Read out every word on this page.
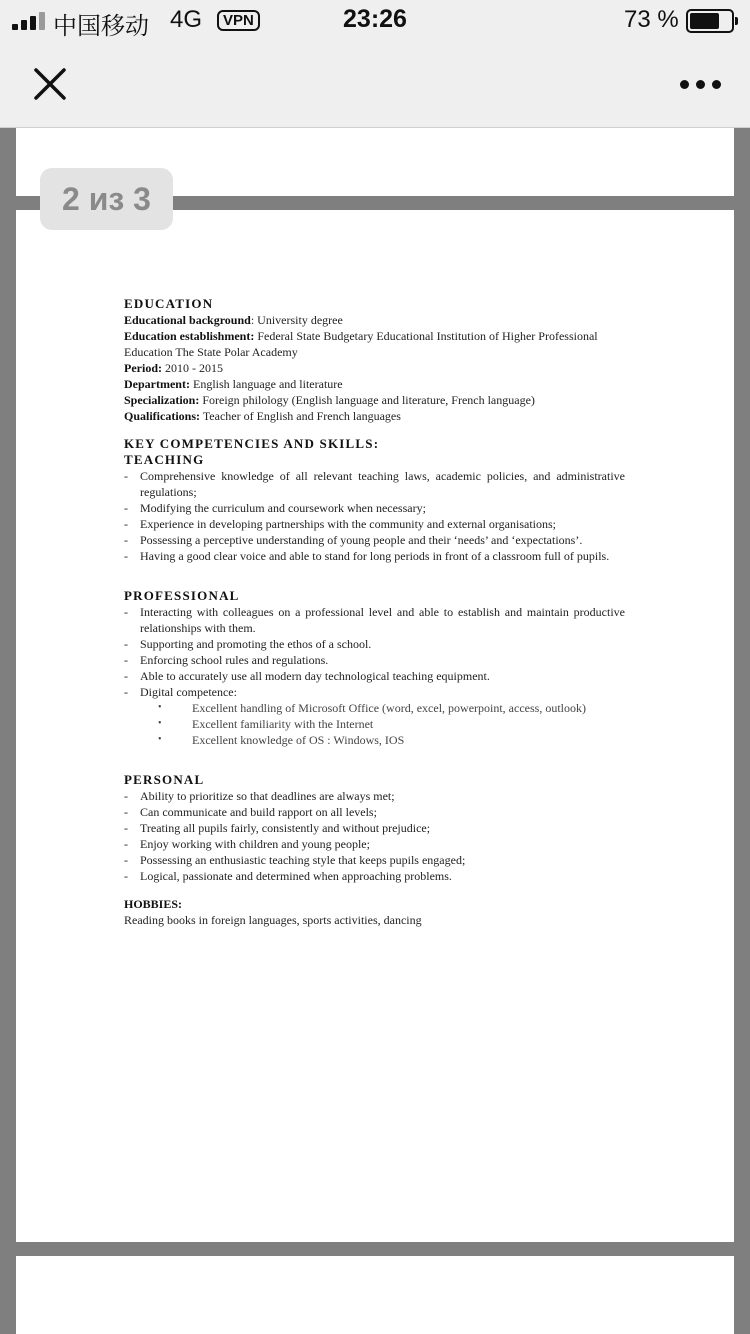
中国移动 4G	VPN	23:26	73 %
2 из 3

EDUCATION

Educational background: University degree

Education establishment: Federal State Budgetary Educational Institution of Higher Professional Education The State Polar Academy

Period: 2010 - 2015

Department: English language and literature

Specialization: Foreign philology (English language and literature, French language)

Qualifications: Teacher of English and French languages

KEY COMPETENCIES AND SKILLS:

TEACHING

- Comprehensive knowledge of all relevant teaching laws, academic policies, and administrative regulations;
- Modifying the curriculum and coursework when necessary;
- Experience in developing partnerships with the community and external organisations;
- Possessing a perceptive understanding of young people and their ‘needs’ and ‘expectations’.
- Having a good clear voice and able to stand for long periods in front of a classroom full of pupils.

PROFESSIONAL

- Interacting with colleagues on a professional level and able to establish and maintain productive relationships with them.
- Supporting and promoting the ethos of a school.
- Enforcing school rules and regulations.
- Able to accurately use all modern day technological teaching equipment.
- Digital competence:
• Excellent handling of Microsoft Office (word, excel, powerpoint, access, outlook)
• Excellent familiarity with the Internet
• Excellent knowledge of OS : Windows, IOS

PERSONAL

- Ability to prioritize so that deadlines are always met;
- Can communicate and build rapport on all levels;
- Treating all pupils fairly, consistently and without prejudice;
- Enjoy working with children and young people;
- Possessing an enthusiastic teaching style that keeps pupils engaged;
- Logical, passionate and determined when approaching problems.

HOBBIES:

Reading books in foreign languages, sports activities, dancing
